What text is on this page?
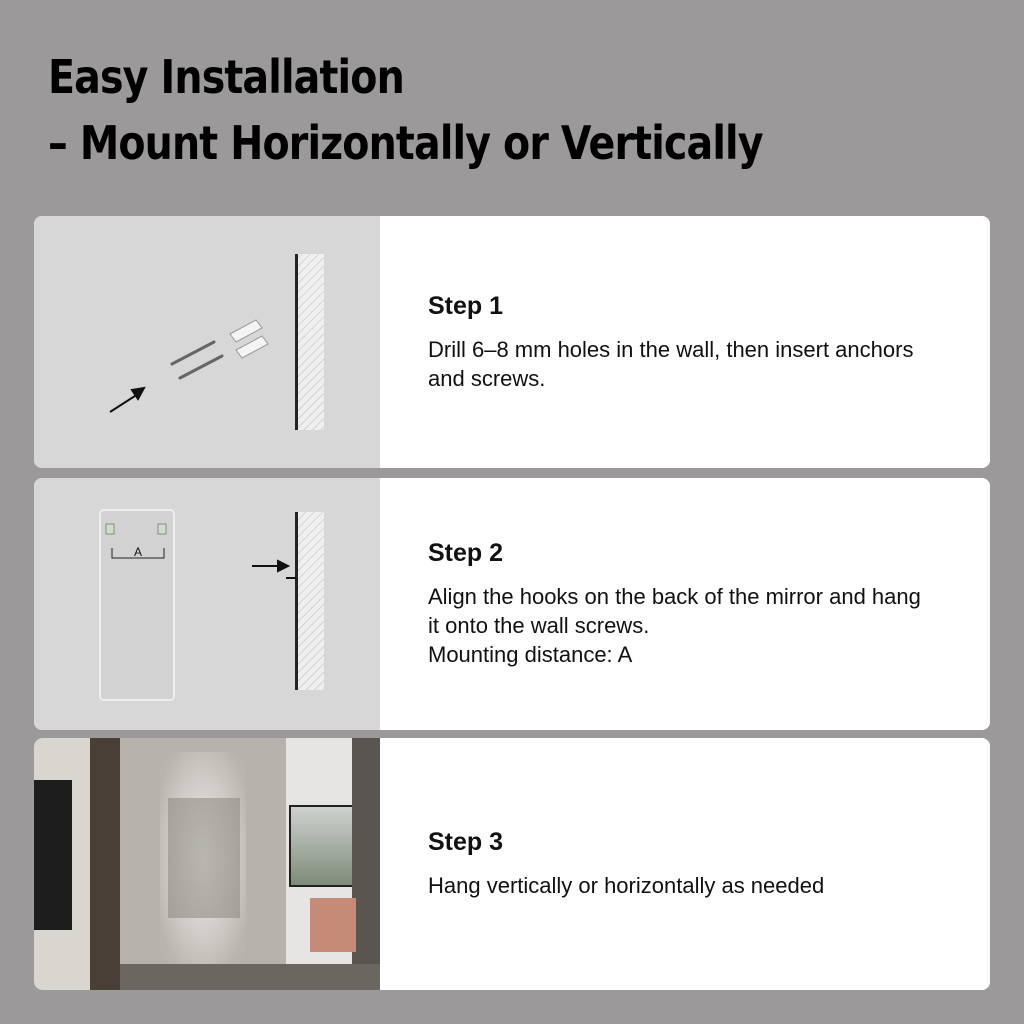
Easy Installation
– Mount Horizontally or Vertically
Step 1
Drill 6–8 mm holes in the wall, then insert anchors
and screws.
A	Step 2
Align the hooks on the back of the mirror and hang
it onto the wall screws.
Mounting distance: A
Step 3
Hang vertically or horizontally as needed
